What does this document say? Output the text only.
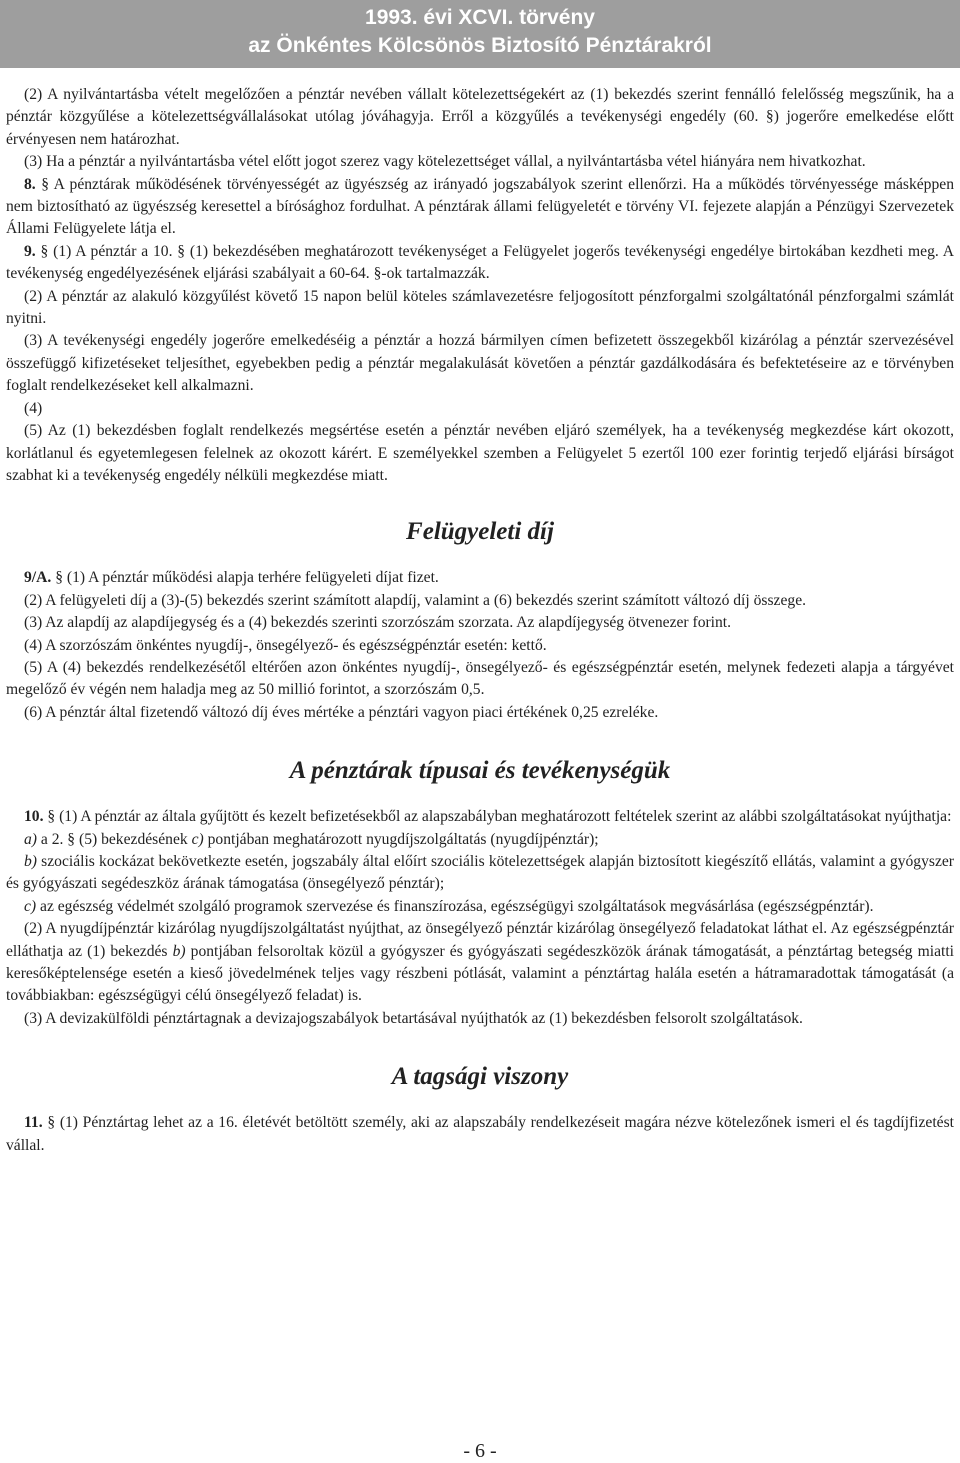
1993. évi XCVI. törvény
az Önkéntes Kölcsönös Biztosító Pénztárakról

(2) A nyilvántartásba vételt megelőzően a pénztár nevében vállalt kötelezettségekért az (1) bekezdés szerint fennálló felelősség megszűnik, ha a pénztár közgyűlése a kötelezettségvállalásokat utólag jóváhagyja. Erről a közgyűlés a tevékenységi engedély (60. §) jogerőre emelkedése előtt érvényesen nem határozhat.

(3) Ha a pénztár a nyilvántartásba vétel előtt jogot szerez vagy kötelezettséget vállal, a nyilvántartásba vétel hiányára nem hivatkozhat.

8. § A pénztárak működésének törvényességét az ügyészség az irányadó jogszabályok szerint ellenőrzi. Ha a működés törvényessége másképpen nem biztosítható az ügyészség keresettel a bírósághoz fordulhat. A pénztárak állami felügyeletét e törvény VI. fejezete alapján a Pénzügyi Szervezetek Állami Felügyelete látja el.

9. § (1) A pénztár a 10. § (1) bekezdésében meghatározott tevékenységet a Felügyelet jogerős tevékenységi engedélye birtokában kezdheti meg. A tevékenység engedélyezésének eljárási szabályait a 60-64. §-ok tartalmazzák.

(2) A pénztár az alakuló közgyűlést követő 15 napon belül köteles számlavezetésre feljogosított pénzforgalmi szolgáltatónál pénzforgalmi számlát nyitni.

(3) A tevékenységi engedély jogerőre emelkedéséig a pénztár a hozzá bármilyen címen befizetett összegekből kizárólag a pénztár szervezésével összefüggő kifizetéseket teljesíthet, egyebekben pedig a pénztár megalakulását követően a pénztár gazdálkodására és befektetéseire az e törvényben foglalt rendelkezéseket kell alkalmazni.

(4)

(5) Az (1) bekezdésben foglalt rendelkezés megsértése esetén a pénztár nevében eljáró személyek, ha a tevékenység megkezdése kárt okozott, korlátlanul és egyetemlegesen felelnek az okozott kárért. E személyekkel szemben a Felügyelet 5 ezertől 100 ezer forintig terjedő eljárási bírságot szabhat ki a tevékenység engedély nélküli megkezdése miatt.

Felügyeleti díj

9/A. § (1) A pénztár működési alapja terhére felügyeleti díjat fizet.

(2) A felügyeleti díj a (3)-(5) bekezdés szerint számított alapdíj, valamint a (6) bekezdés szerint számított változó díj összege.

(3) Az alapdíj az alapdíjegység és a (4) bekezdés szerinti szorzószám szorzata. Az alapdíjegység ötvenezer forint.

(4) A szorzószám önkéntes nyugdíj-, önsegélyező- és egészségpénztár esetén: kettő.

(5) A (4) bekezdés rendelkezésétől eltérően azon önkéntes nyugdíj-, önsegélyező- és egészségpénztár esetén, melynek fedezeti alapja a tárgyévet megelőző év végén nem haladja meg az 50 millió forintot, a szorzószám 0,5.

(6) A pénztár által fizetendő változó díj éves mértéke a pénztári vagyon piaci értékének 0,25 ezreléke.

A pénztárak típusai és tevékenységük

10. § (1) A pénztár az általa gyűjtött és kezelt befizetésekből az alapszabályban meghatározott feltételek szerint az alábbi szolgáltatásokat nyújthatja:

a) a 2. § (5) bekezdésének c) pontjában meghatározott nyugdíjszolgáltatás (nyugdíjpénztár);

b) szociális kockázat bekövetkezte esetén, jogszabály által előírt szociális kötelezettségek alapján biztosított kiegészítő ellátás, valamint a gyógyszer és gyógyászati segédeszköz árának támogatása (önsegélyező pénztár);

c) az egészség védelmét szolgáló programok szervezése és finanszírozása, egészségügyi szolgáltatások megvásárlása (egészségpénztár).

(2) A nyugdíjpénztár kizárólag nyugdíjszolgáltatást nyújthat, az önsegélyező pénztár kizárólag önsegélyező feladatokat láthat el. Az egészségpénztár elláthatja az (1) bekezdés b) pontjában felsoroltak közül a gyógyszer és gyógyászati segédeszközök árának támogatását, a pénztártag betegség miatti keresőképtelensége esetén a kieső jövedelmének teljes vagy részbeni pótlását, valamint a pénztártag halála esetén a hátramaradottak támogatását (a továbbiakban: egészségügyi célú önsegélyező feladat) is.

(3) A devizakülföldi pénztártagnak a devizajogszabályok betartásával nyújthatók az (1) bekezdésben felsorolt szolgáltatások.

A tagsági viszony

11. § (1) Pénztártag lehet az a 16. életévét betöltött személy, aki az alapszabály rendelkezéseit magára nézve kötelezőnek ismeri el és tagdíjfizetést vállal.

- 6 -
